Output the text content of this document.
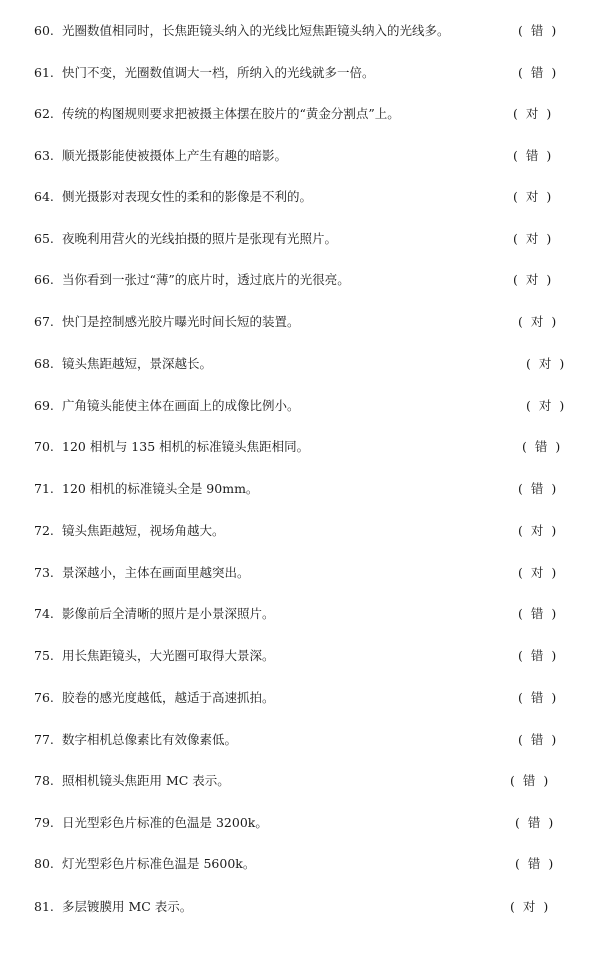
60. 光圈数值相同时，长焦距镜头纳入的光线比短焦距镜头纳入的光线多。	( 错 )
61. 快门不变，光圈数值调大一档，所纳入的光线就多一倍。	( 错 )
62. 传统的构图规则要求把被摄主体摆在胶片的“黄金分割点”上。	( 对 )
63. 顺光摄影能使被摄体上产生有趣的暗影。	( 错 )
64. 侧光摄影对表现女性的柔和的影像是不利的。	( 对 )
65. 夜晚利用营火的光线拍摄的照片是张现有光照片。	( 对 )
66. 当你看到一张过“薄”的底片时，透过底片的光很亮。	( 对 )
67. 快门是控制感光胶片曝光时间长短的装置。	( 对 )
68. 镜头焦距越短，景深越长。	( 对 )
69. 广角镜头能使主体在画面上的成像比例小。	( 对 )
70. 120 相机与 135 相机的标准镜头焦距相同。	( 错 )
71. 120 相机的标准镜头全是 90mm。	( 错 )
72. 镜头焦距越短，视场角越大。	( 对 )
73. 景深越小，主体在画面里越突出。	( 对 )
74. 影像前后全清晰的照片是小景深照片。	( 错 )
75. 用长焦距镜头，大光圈可取得大景深。	( 错 )
76. 胶卷的感光度越低，越适于高速抓拍。	( 错 )
77. 数字相机总像素比有效像素低。	( 错 )
78. 照相机镜头焦距用 MC 表示。	( 错 )
79. 日光型彩色片标准的色温是 3200k。	( 错 )
80. 灯光型彩色片标准色温是 5600k。	( 错 )
81. 多层镀膜用 MC 表示。	( 对 )
